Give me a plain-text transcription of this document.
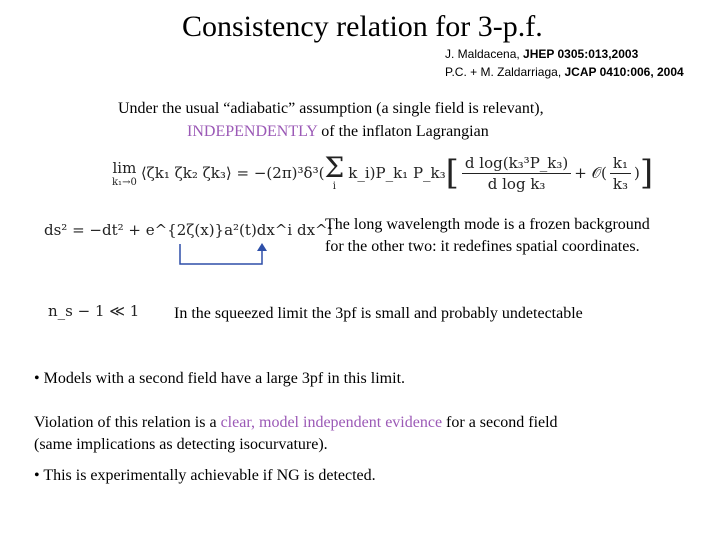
Consistency relation for 3-p.f.
J. Maldacena, JHEP 0305:013,2003
P.C. + M. Zaldarriaga, JCAP 0410:006, 2004
Under the usual “adiabatic” assumption (a single field is relevant),
INDEPENDENTLY of the inflaton Lagrangian
lim
k₁→0 ⟨ζk₁ ζk₂ ζk₃⟩ = −(2π)³δ³( Σ
i
k_i)P_k₁ P_k₃ [ $\frac{\text{d log(k₃³P\_k₃)}}{\text{d log k₃}}$ + 𝒪( $\frac{\text{k₁}}{\text{k₃}}$ ) ]
ds² = −dt² + e^{2ζ(x)}a²(t)dx^i dx^i
The long wavelength mode is a frozen background
for the other two: it redefines spatial coordinates.
n_s − 1 ≪ 1 In the squeezed limit the 3pf is small and probably undetectable
• Models with a second field have a large 3pf in this limit.
Violation of this relation is a clear, model independent evidence for a second field
(same implications as detecting isocurvature).
• This is experimentally achievable if NG is detected.
